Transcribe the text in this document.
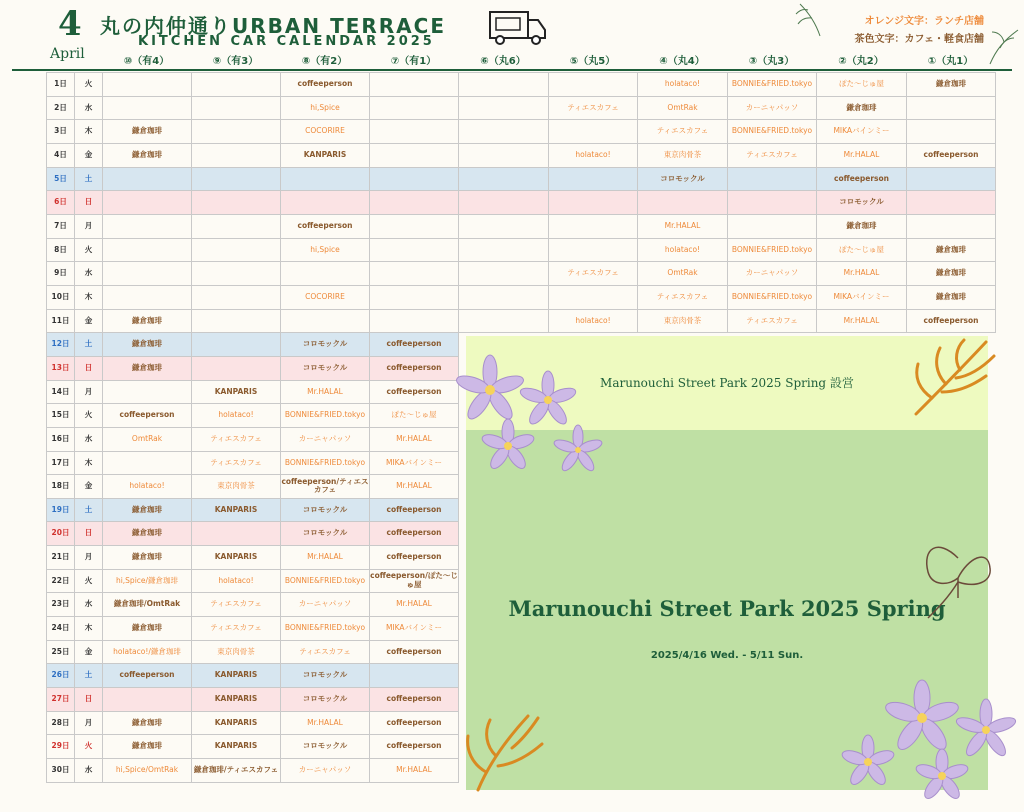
4
April
丸の内仲通りURBAN TERRACE
KITCHEN CAR CALENDAR 2025
オレンジ文字：ランチ店舗
茶色文字：カフェ・軽食店舗
⑩（有4）	⑨（有3）	⑧（有2）	⑦（有1）	⑥（丸6）	⑤（丸5）	④（丸4）	③（丸3）	②（丸2）	①（丸1）
1日	火			coffeeperson				holataco!	BONNIE&FRIED.tokyo	ぽた〜じゅ屋	鎌倉珈琲
2日	水			hi,Spice			ティエスカフェ	OmtRak	カーニャパッソ	鎌倉珈琲	
3日	木	鎌倉珈琲		COCORIRE				ティエスカフェ	BONNIE&FRIED.tokyo	MIKAバインミー	
4日	金	鎌倉珈琲		KANPARIS			holataco!	東京肉骨茶	ティエスカフェ	Mr.HALAL	coffeeperson
5日	土							コロモックル		coffeeperson	
6日	日									コロモックル	
7日	月			coffeeperson				Mr.HALAL		鎌倉珈琲	
8日	火			hi,Spice				holataco!	BONNIE&FRIED.tokyo	ぽた〜じゅ屋	鎌倉珈琲
9日	水						ティエスカフェ	OmtRak	カーニャパッソ	Mr.HALAL	鎌倉珈琲
10日	木			COCORIRE				ティエスカフェ	BONNIE&FRIED.tokyo	MIKAバインミー	鎌倉珈琲
11日	金	鎌倉珈琲					holataco!	東京肉骨茶	ティエスカフェ	Mr.HALAL	coffeeperson
12日	土	鎌倉珈琲		コロモックル	coffeeperson						
13日	日	鎌倉珈琲		コロモックル	coffeeperson						
14日	月		KANPARIS	Mr.HALAL	coffeeperson						
15日	火	coffeeperson	holataco!	BONNIE&FRIED.tokyo	ぽた〜じゅ屋						
16日	水	OmtRak	ティエスカフェ	カーニャパッソ	Mr.HALAL						
17日	木		ティエスカフェ	BONNIE&FRIED.tokyo	MIKAバインミー						
18日	金	holataco!	東京肉骨茶	coffeeperson/ティエスカフェ	Mr.HALAL						
19日	土	鎌倉珈琲	KANPARIS	コロモックル	coffeeperson						
20日	日	鎌倉珈琲		コロモックル	coffeeperson						
21日	月	鎌倉珈琲	KANPARIS	Mr.HALAL	coffeeperson						
22日	火	hi,Spice/鎌倉珈琲	holataco!	BONNIE&FRIED.tokyo	coffeeperson/ぽた〜じゅ屋						
23日	水	鎌倉珈琲/OmtRak	ティエスカフェ	カーニャパッソ	Mr.HALAL						
24日	木	鎌倉珈琲	ティエスカフェ	BONNIE&FRIED.tokyo	MIKAバインミー						
25日	金	holataco!/鎌倉珈琲	東京肉骨茶	ティエスカフェ	coffeeperson						
26日	土	coffeeperson	KANPARIS	コロモックル							
27日	日		KANPARIS	コロモックル	coffeeperson						
28日	月	鎌倉珈琲	KANPARIS	Mr.HALAL	coffeeperson						
29日	火	鎌倉珈琲	KANPARIS	コロモックル	coffeeperson						
30日	水	hi,Spice/OmtRak	鎌倉珈琲/ティエスカフェ	カーニャパッソ	Mr.HALAL						
Marunouchi Street Park 2025 Spring 設営
Marunouchi Street Park 2025 Spring
2025/4/16 Wed. - 5/11 Sun.
